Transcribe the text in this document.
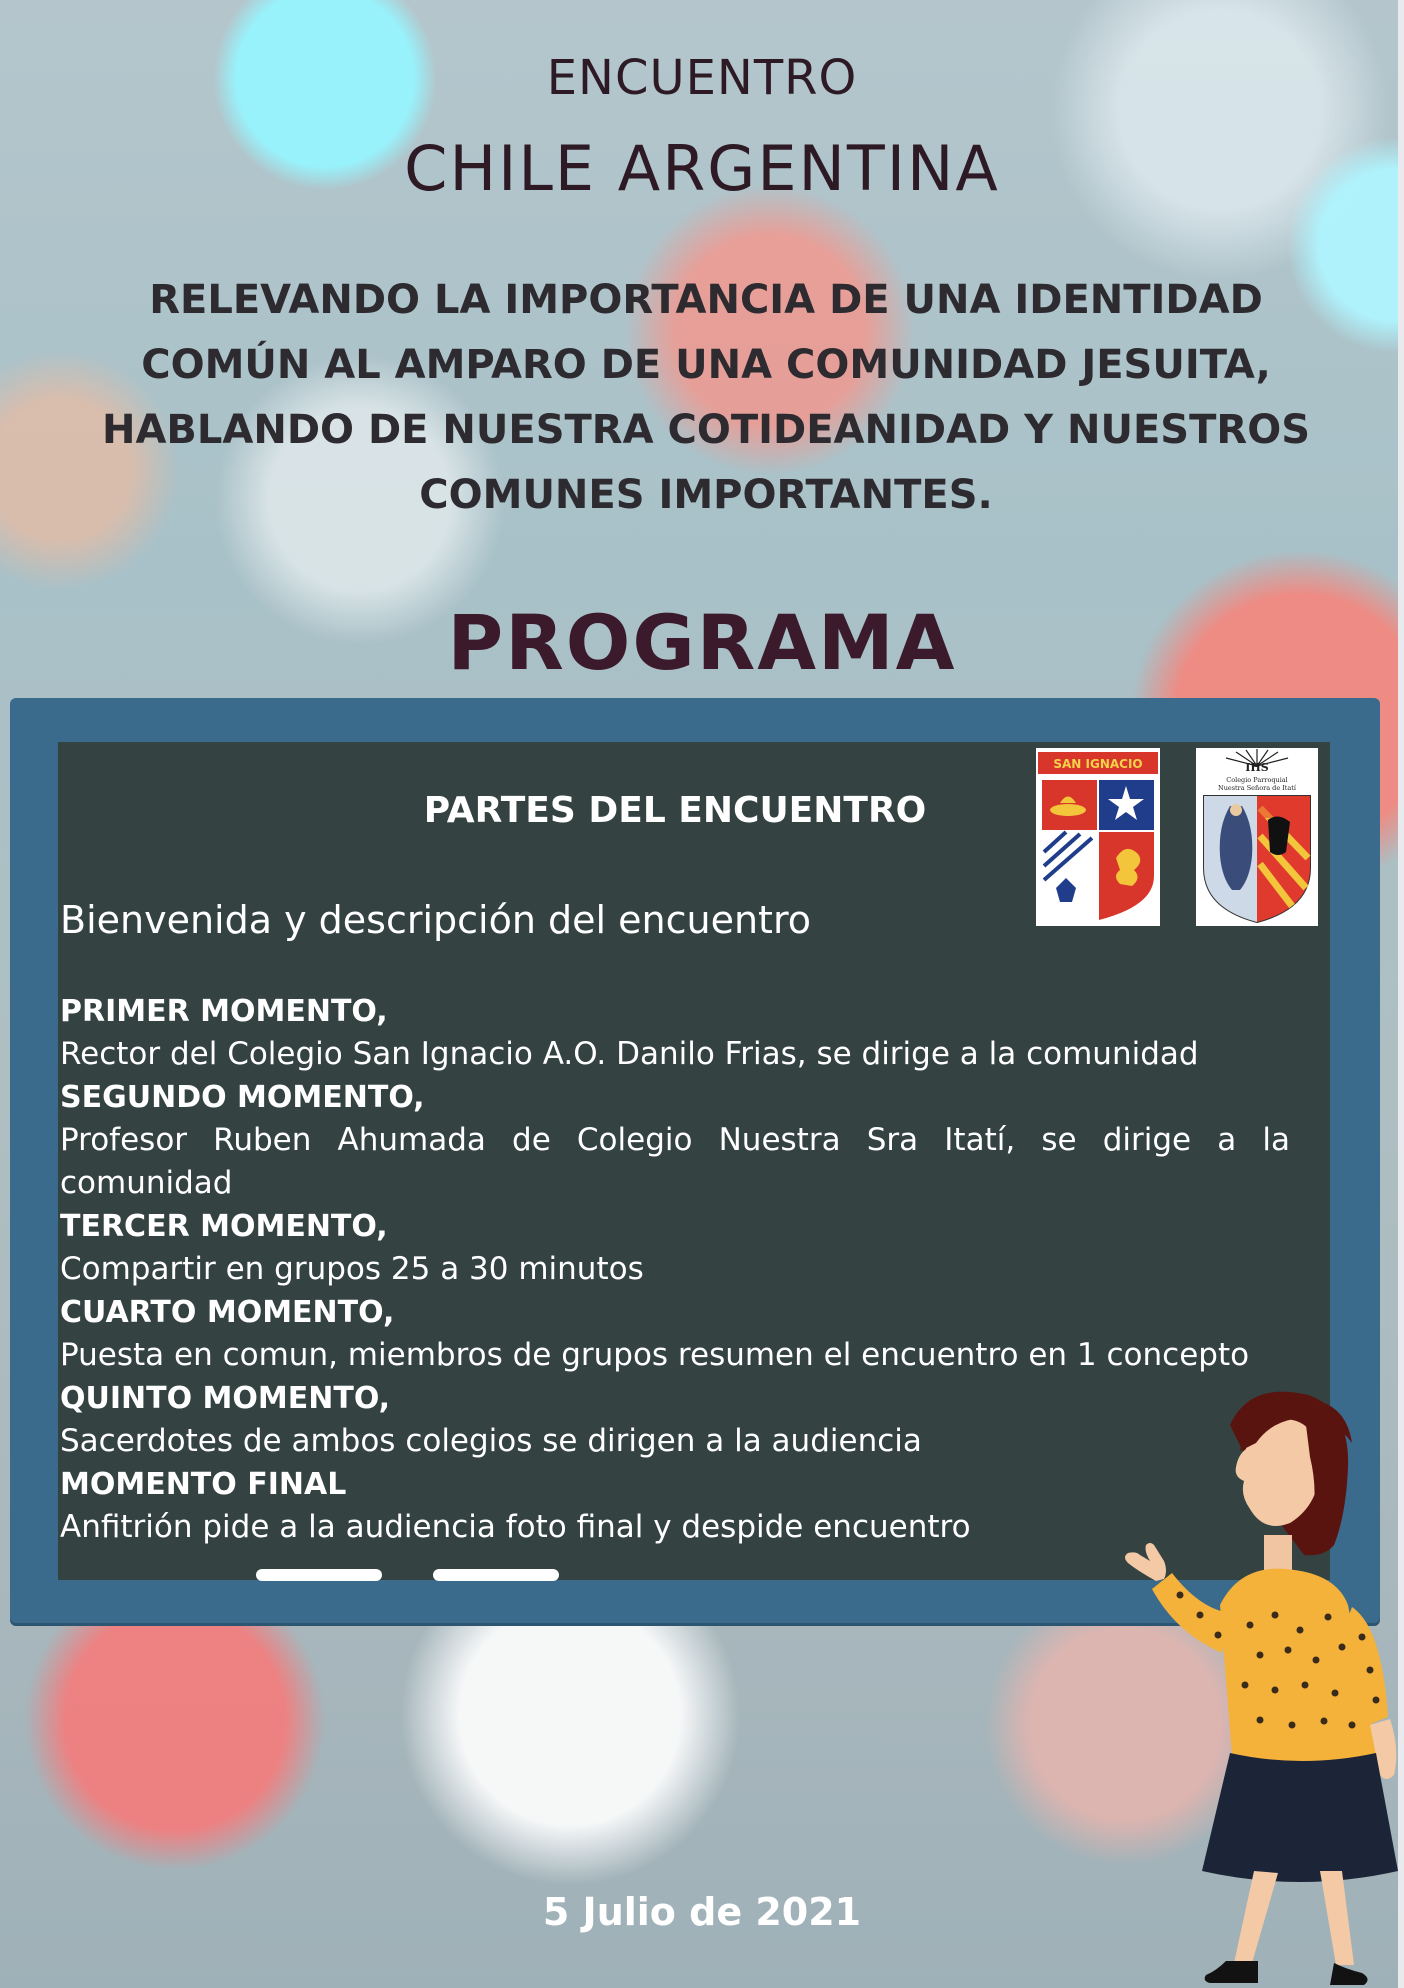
ENCUENTRO
CHILE ARGENTINA
RELEVANDO LA IMPORTANCIA DE UNA IDENTIDAD COMÚN AL AMPARO DE UNA COMUNIDAD JESUITA, HABLANDO DE NUESTRA COTIDEANIDAD Y NUESTROS COMUNES IMPORTANTES.
PROGRAMA
PARTES DEL ENCUENTRO
Bienvenida y descripción del encuentro
PRIMER MOMENTO,
Rector del Colegio San Ignacio A.O. Danilo Frias, se dirige a la comunidad
SEGUNDO MOMENTO,
Profesor Ruben Ahumada de Colegio Nuestra Sra Itatí, se dirige a la comunidad
TERCER MOMENTO,
Compartir en grupos 25 a 30 minutos
CUARTO MOMENTO,
Puesta en comun, miembros de grupos resumen el encuentro en 1 concepto
QUINTO MOMENTO,
Sacerdotes de ambos colegios se dirigen a la audiencia
MOMENTO FINAL
Anfitrión pide a la audiencia foto final y despide encuentro
SAN IGNACIO	IHS
Colegio Parroquial
Nuestra Señora de Itatí
5 Julio de 2021
